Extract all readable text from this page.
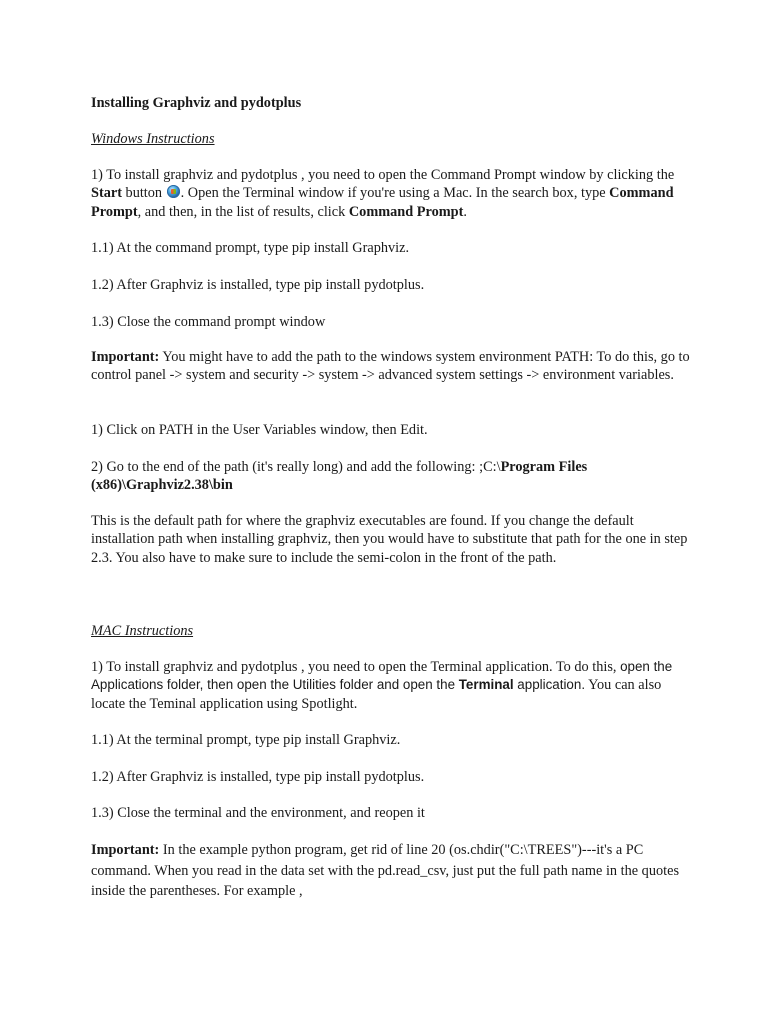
Installing Graphviz and pydotplus
Windows Instructions
1) To install graphviz and pydotplus , you need to open the Command Prompt window by clicking the Start button . Open the Terminal window if you're using a Mac. In the search box, type Command Prompt, and then, in the list of results, click Command Prompt.
1.1) At the command prompt, type pip install Graphviz.
1.2) After Graphviz is installed, type pip install pydotplus.
1.3) Close the command prompt window
Important: You might have to add the path to the windows system environment PATH: To do this, go to control panel -> system and security -> system -> advanced system settings -> environment variables.
1) Click on PATH in the User Variables window, then Edit.
2) Go to the end of the path (it's really long) and add the following: ;C:\Program Files (x86)\Graphviz2.38\bin
This is the default path for where the graphviz executables are found. If you change the default installation path when installing graphviz, then you would have to substitute that path for the one in step 2.3. You also have to make sure to include the semi-colon in the front of the path.
MAC Instructions
1) To install graphviz and pydotplus , you need to open the Terminal application. To do this, open the Applications folder, then open the Utilities folder and open the Terminal application. You can also locate the Teminal application using Spotlight.
1.1) At the terminal prompt, type pip install Graphviz.
1.2) After Graphviz is installed, type pip install pydotplus.
1.3) Close the terminal and the environment, and reopen it
Important: In the example python program, get rid of line 20 (os.chdir("C:\TREES")---it's a PC command. When you read in the data set with the pd.read_csv, just put the full path name in the quotes inside the parentheses. For example ,
